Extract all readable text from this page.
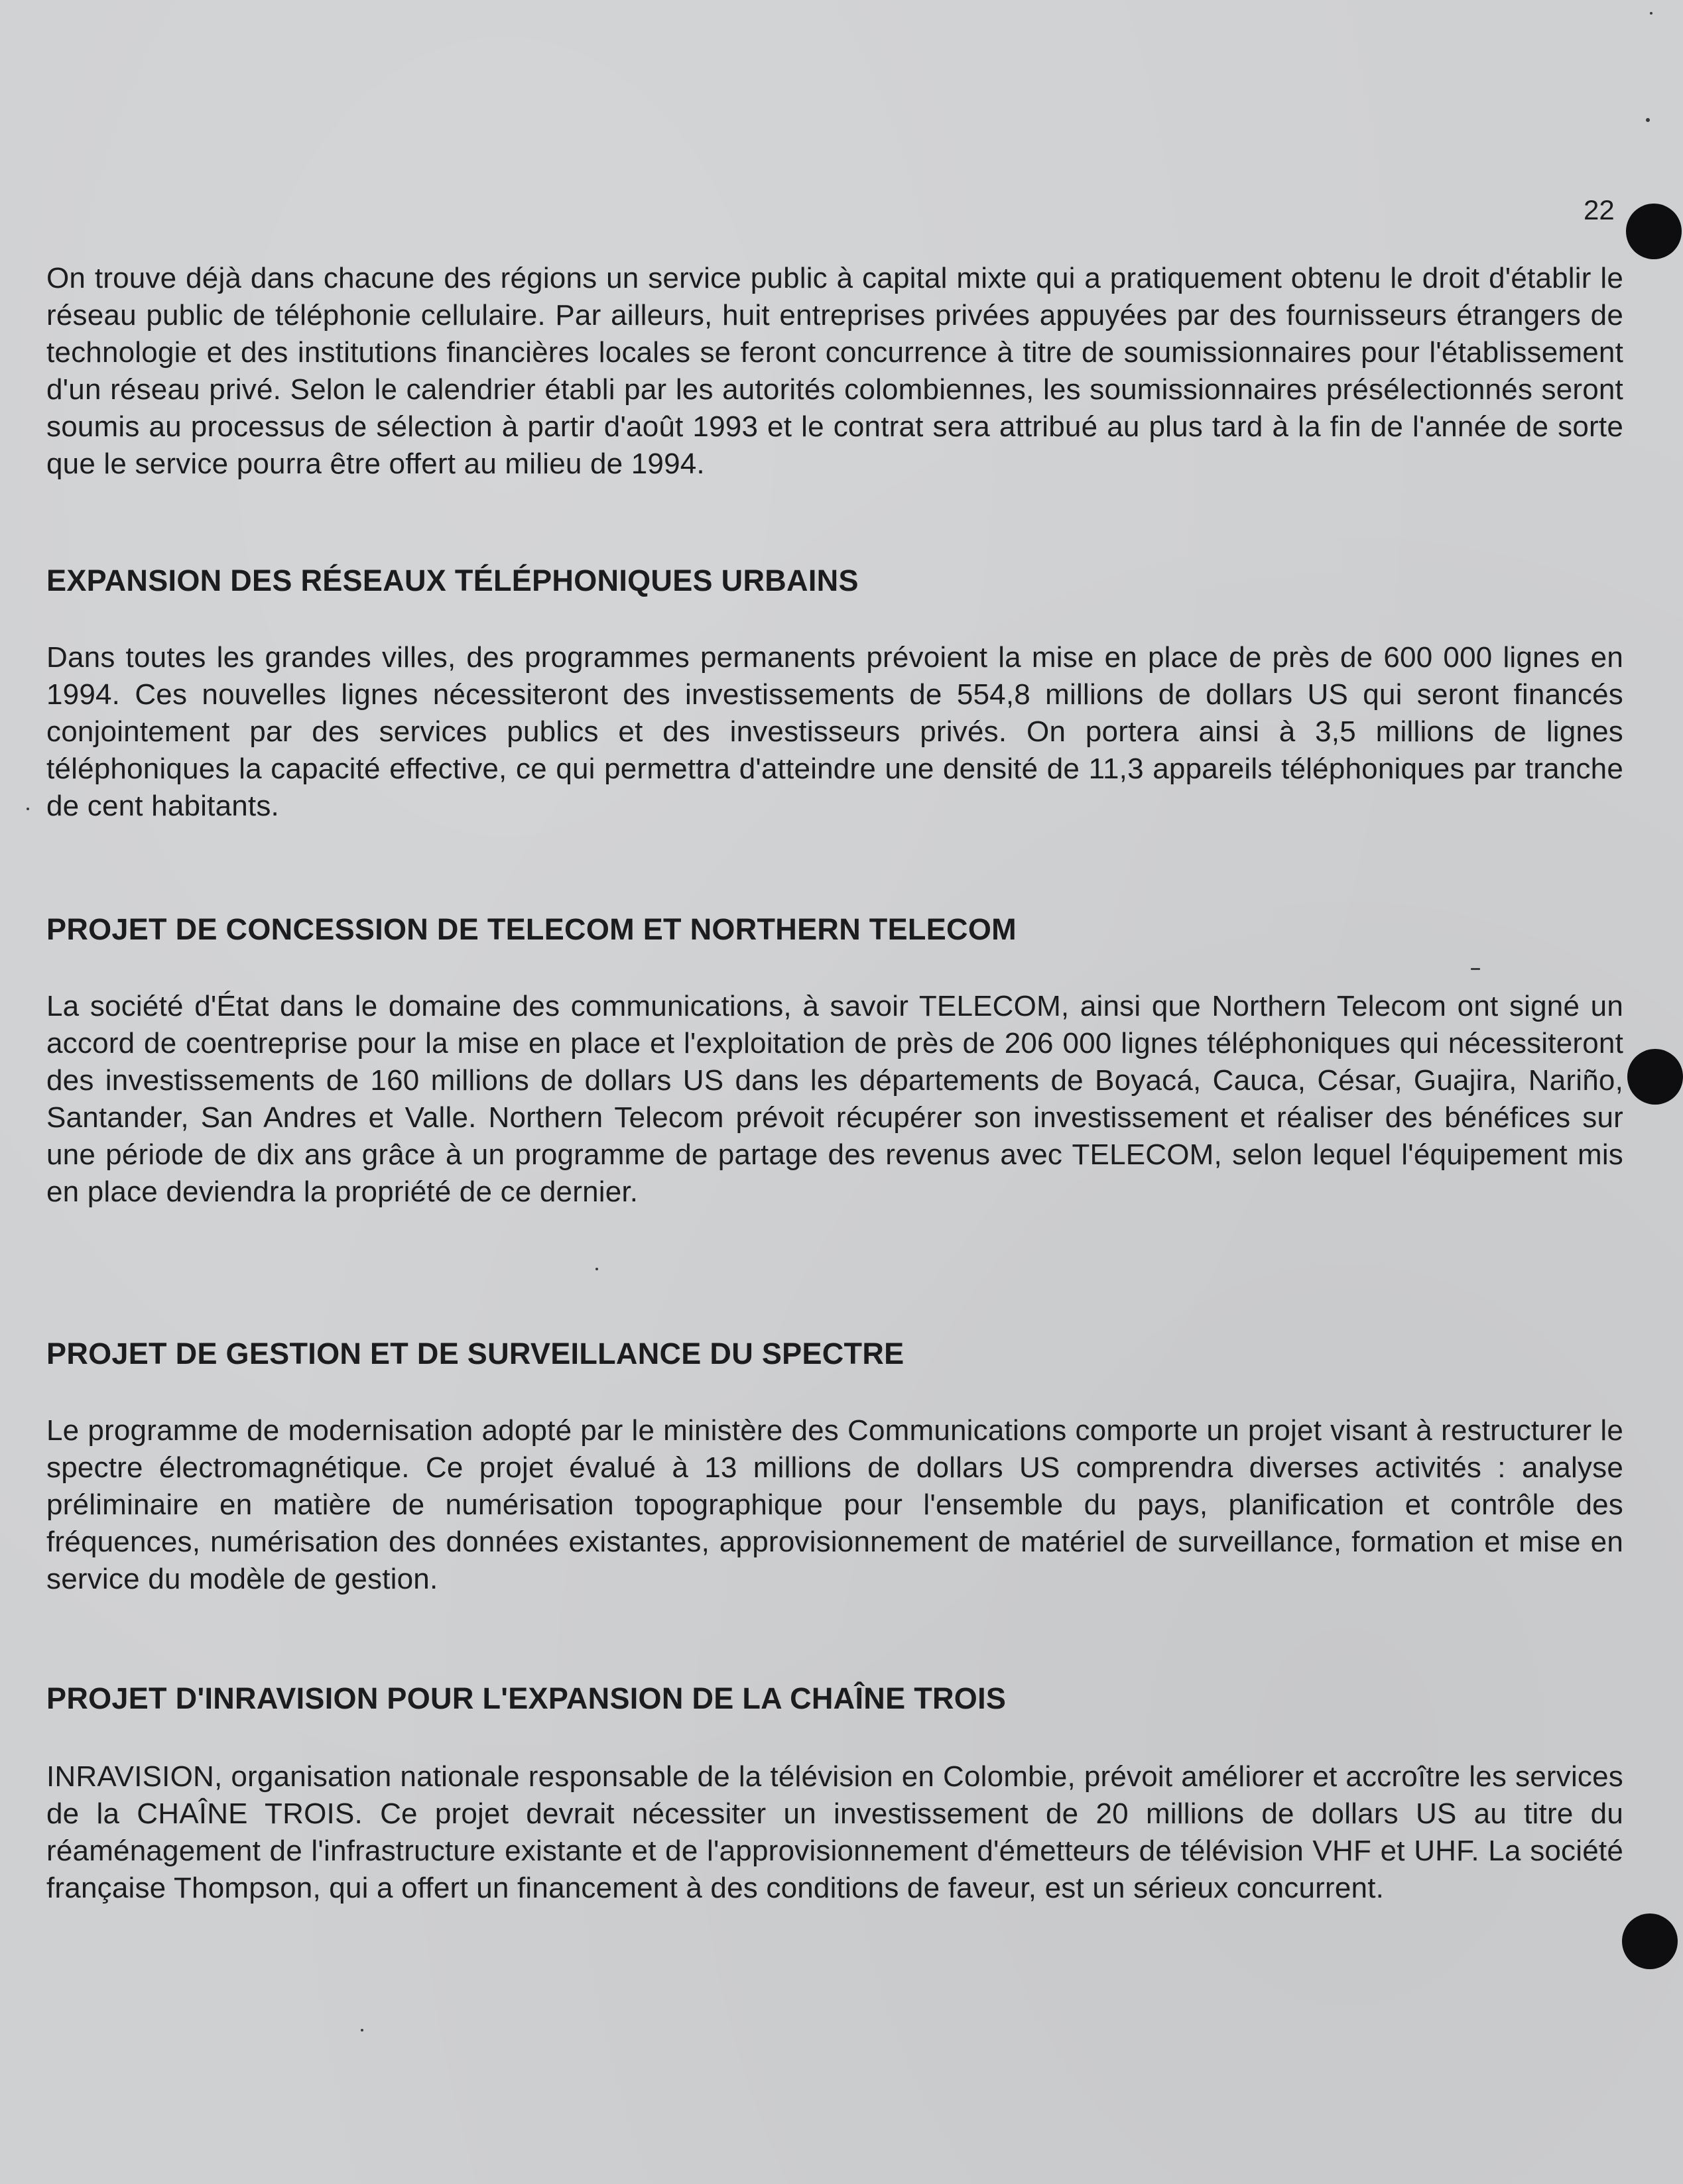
22

On trouve déjà dans chacune des régions un service public à capital mixte qui a pratiquement obtenu le droit d'établir le réseau public de téléphonie cellulaire. Par ailleurs, huit entreprises privées appuyées par des fournisseurs étrangers de technologie et des institutions financières locales se feront concurrence à titre de soumissionnaires pour l'établissement d'un réseau privé. Selon le calendrier établi par les autorités colombiennes, les soumissionnaires présélectionnés seront soumis au processus de sélection à partir d'août 1993 et le contrat sera attribué au plus tard à la fin de l'année de sorte que le service pourra être offert au milieu de 1994.

EXPANSION DES RÉSEAUX TÉLÉPHONIQUES URBAINS

Dans toutes les grandes villes, des programmes permanents prévoient la mise en place de près de 600 000 lignes en 1994. Ces nouvelles lignes nécessiteront des investissements de 554,8 millions de dollars US qui seront financés conjointement par des services publics et des investisseurs privés. On portera ainsi à 3,5 millions de lignes téléphoniques la capacité effective, ce qui permettra d'atteindre une densité de 11,3 appareils téléphoniques par tranche de cent habitants.

PROJET DE CONCESSION DE TELECOM ET NORTHERN TELECOM

La société d'État dans le domaine des communications, à savoir TELECOM, ainsi que Northern Telecom ont signé un accord de coentreprise pour la mise en place et l'exploitation de près de 206 000 lignes téléphoniques qui nécessiteront des investissements de 160 millions de dollars US dans les départements de Boyacá, Cauca, César, Guajira, Nariño, Santander, San Andres et Valle. Northern Telecom prévoit récupérer son investissement et réaliser des bénéfices sur une période de dix ans grâce à un programme de partage des revenus avec TELECOM, selon lequel l'équipement mis en place deviendra la propriété de ce dernier.

PROJET DE GESTION ET DE SURVEILLANCE DU SPECTRE

Le programme de modernisation adopté par le ministère des Communications comporte un projet visant à restructurer le spectre électromagnétique. Ce projet évalué à 13 millions de dollars US comprendra diverses activités : analyse préliminaire en matière de numérisation topographique pour l'ensemble du pays, planification et contrôle des fréquences, numérisation des données existantes, approvisionnement de matériel de surveillance, formation et mise en service du modèle de gestion.

PROJET D'INRAVISION POUR L'EXPANSION DE LA CHAÎNE TROIS

INRAVISION, organisation nationale responsable de la télévision en Colombie, prévoit améliorer et accroître les services de la CHAÎNE TROIS. Ce projet devrait nécessiter un investissement de 20 millions de dollars US au titre du réaménagement de l'infrastructure existante et de l'approvisionnement d'émetteurs de télévision VHF et UHF. La société française Thompson, qui a offert un financement à des conditions de faveur, est un sérieux concurrent.
